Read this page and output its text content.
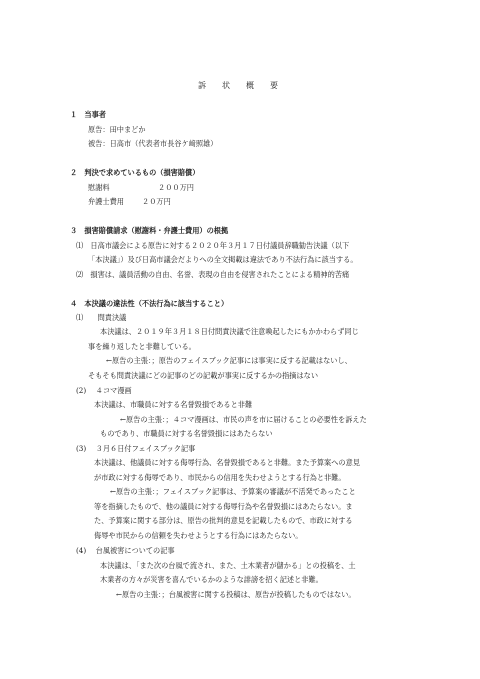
訴　状　概　要
１　当事者
原告：田中まどか
被告：日高市（代表者市長谷ケ﨑照雄）
２　判決で求めているもの（損害賠償）
慰謝料	２００万円
弁護士費用	２０万円
３　損害賠償請求（慰謝料・弁護士費用）の根拠
⑴　日高市議会による原告に対する２０２０年３月１７日付議員辞職勧告決議（以下
「本決議」）及び日高市議会だよりへの全文掲載は違法であり不法行為に該当する。
⑵　損害は、議員活動の自由、名誉、表現の自由を侵害されたことによる精神的苦痛
４　本決議の違法性（不法行為に該当すること）
⑴　　問責決議
本決議は、２０１９年３月１８日付問責決議で注意喚起したにもかかわらず同じ
事を繰り返したと非難している。
←原告の主張：；原告のフェイスブック記事には事実に反する記載はないし、
そもそも問責決議にどの記事のどの記載が事実に反するかの指摘はない
(2)　 ４コマ漫画
本決議は、市職員に対する名誉毀損であると非難
←原告の主張：；４コマ漫画は、市民の声を市に届けることの必要性を訴えた
ものであり、市職員に対する名誉毀損にはあたらない
(3)　 ３月６日付フェイスブック記事
本決議は、他議員に対する侮辱行為、名誉毀損であると非難。また予算案への意見
が市政に対する侮辱であり、市民からの信用を失わせようとする行為と非難。
←原告の主張：；フェイスブック記事は、予算案の審議が不活発であったこと
等を指摘したもので、他の議員に対する侮辱行為や名誉毀損にはあたらない。ま
た、予算案に関する部分は、原告の批判的意見を記載したもので、市政に対する
侮辱や市民からの信頼を失わせようとする行為にはあたらない。
(4)　 台風被害についての記事
本決議は、「また次の台風で流され、また、土木業者が儲かる」との投稿を、土
木業者の方々が災害を喜んでいるかのような誹謗を招く記述と非難。
←原告の主張：；台風被害に関する投稿は、原告が投稿したものではない。
